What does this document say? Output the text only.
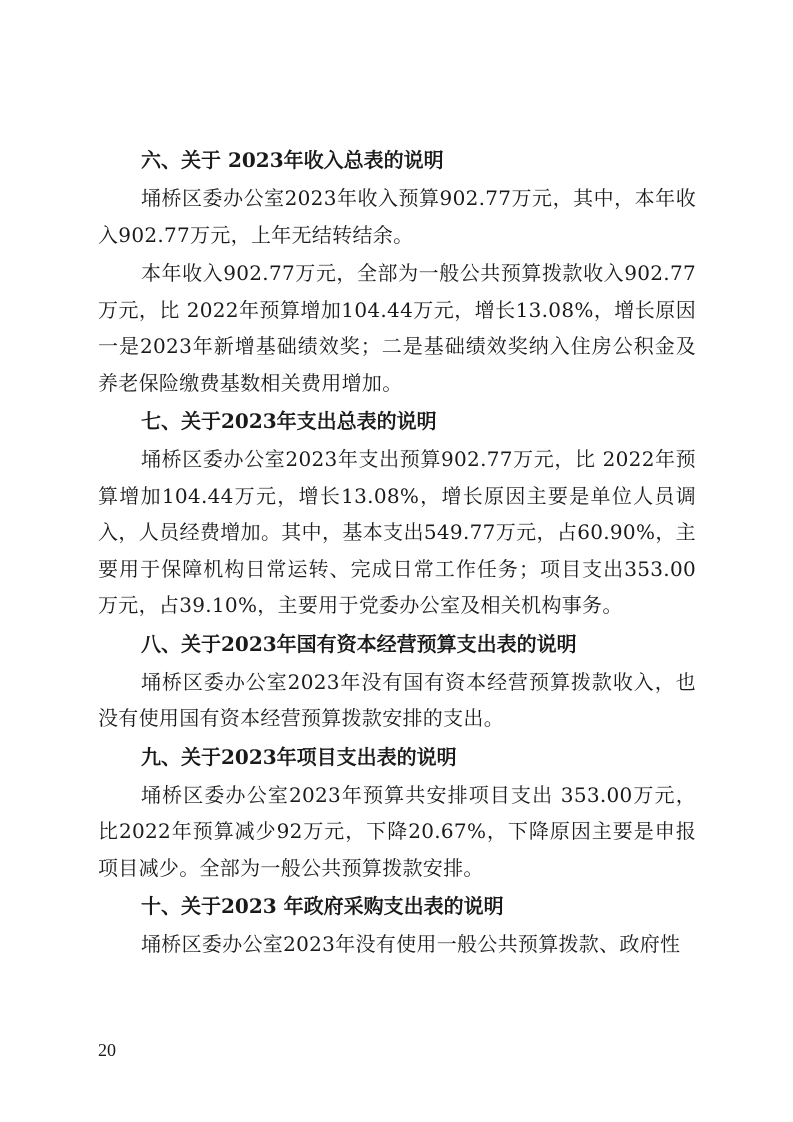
六、关于 2023年收入总表的说明

埇桥区委办公室2023年收入预算902.77万元，其中，本年收入902.77万元，上年无结转结余。

本年收入902.77万元，全部为一般公共预算拨款收入902.77万元，比 2022年预算增加104.44万元，增长13.08%，增长原因一是2023年新增基础绩效奖；二是基础绩效奖纳入住房公积金及养老保险缴费基数相关费用增加。

七、关于2023年支出总表的说明

埇桥区委办公室2023年支出预算902.77万元，比 2022年预算增加104.44万元，增长13.08%，增长原因主要是单位人员调入，人员经费增加。其中，基本支出549.77万元，占60.90%，主要用于保障机构日常运转、完成日常工作任务；项目支出353.00万元，占39.10%，主要用于党委办公室及相关机构事务。

八、关于2023年国有资本经营预算支出表的说明

埇桥区委办公室2023年没有国有资本经营预算拨款收入，也没有使用国有资本经营预算拨款安排的支出。

九、关于2023年项目支出表的说明

埇桥区委办公室2023年预算共安排项目支出 353.00万元，比2022年预算减少92万元，下降20.67%，下降原因主要是申报项目减少。全部为一般公共预算拨款安排。

十、关于2023 年政府采购支出表的说明

埇桥区委办公室2023年没有使用一般公共预算拨款、政府性

20
